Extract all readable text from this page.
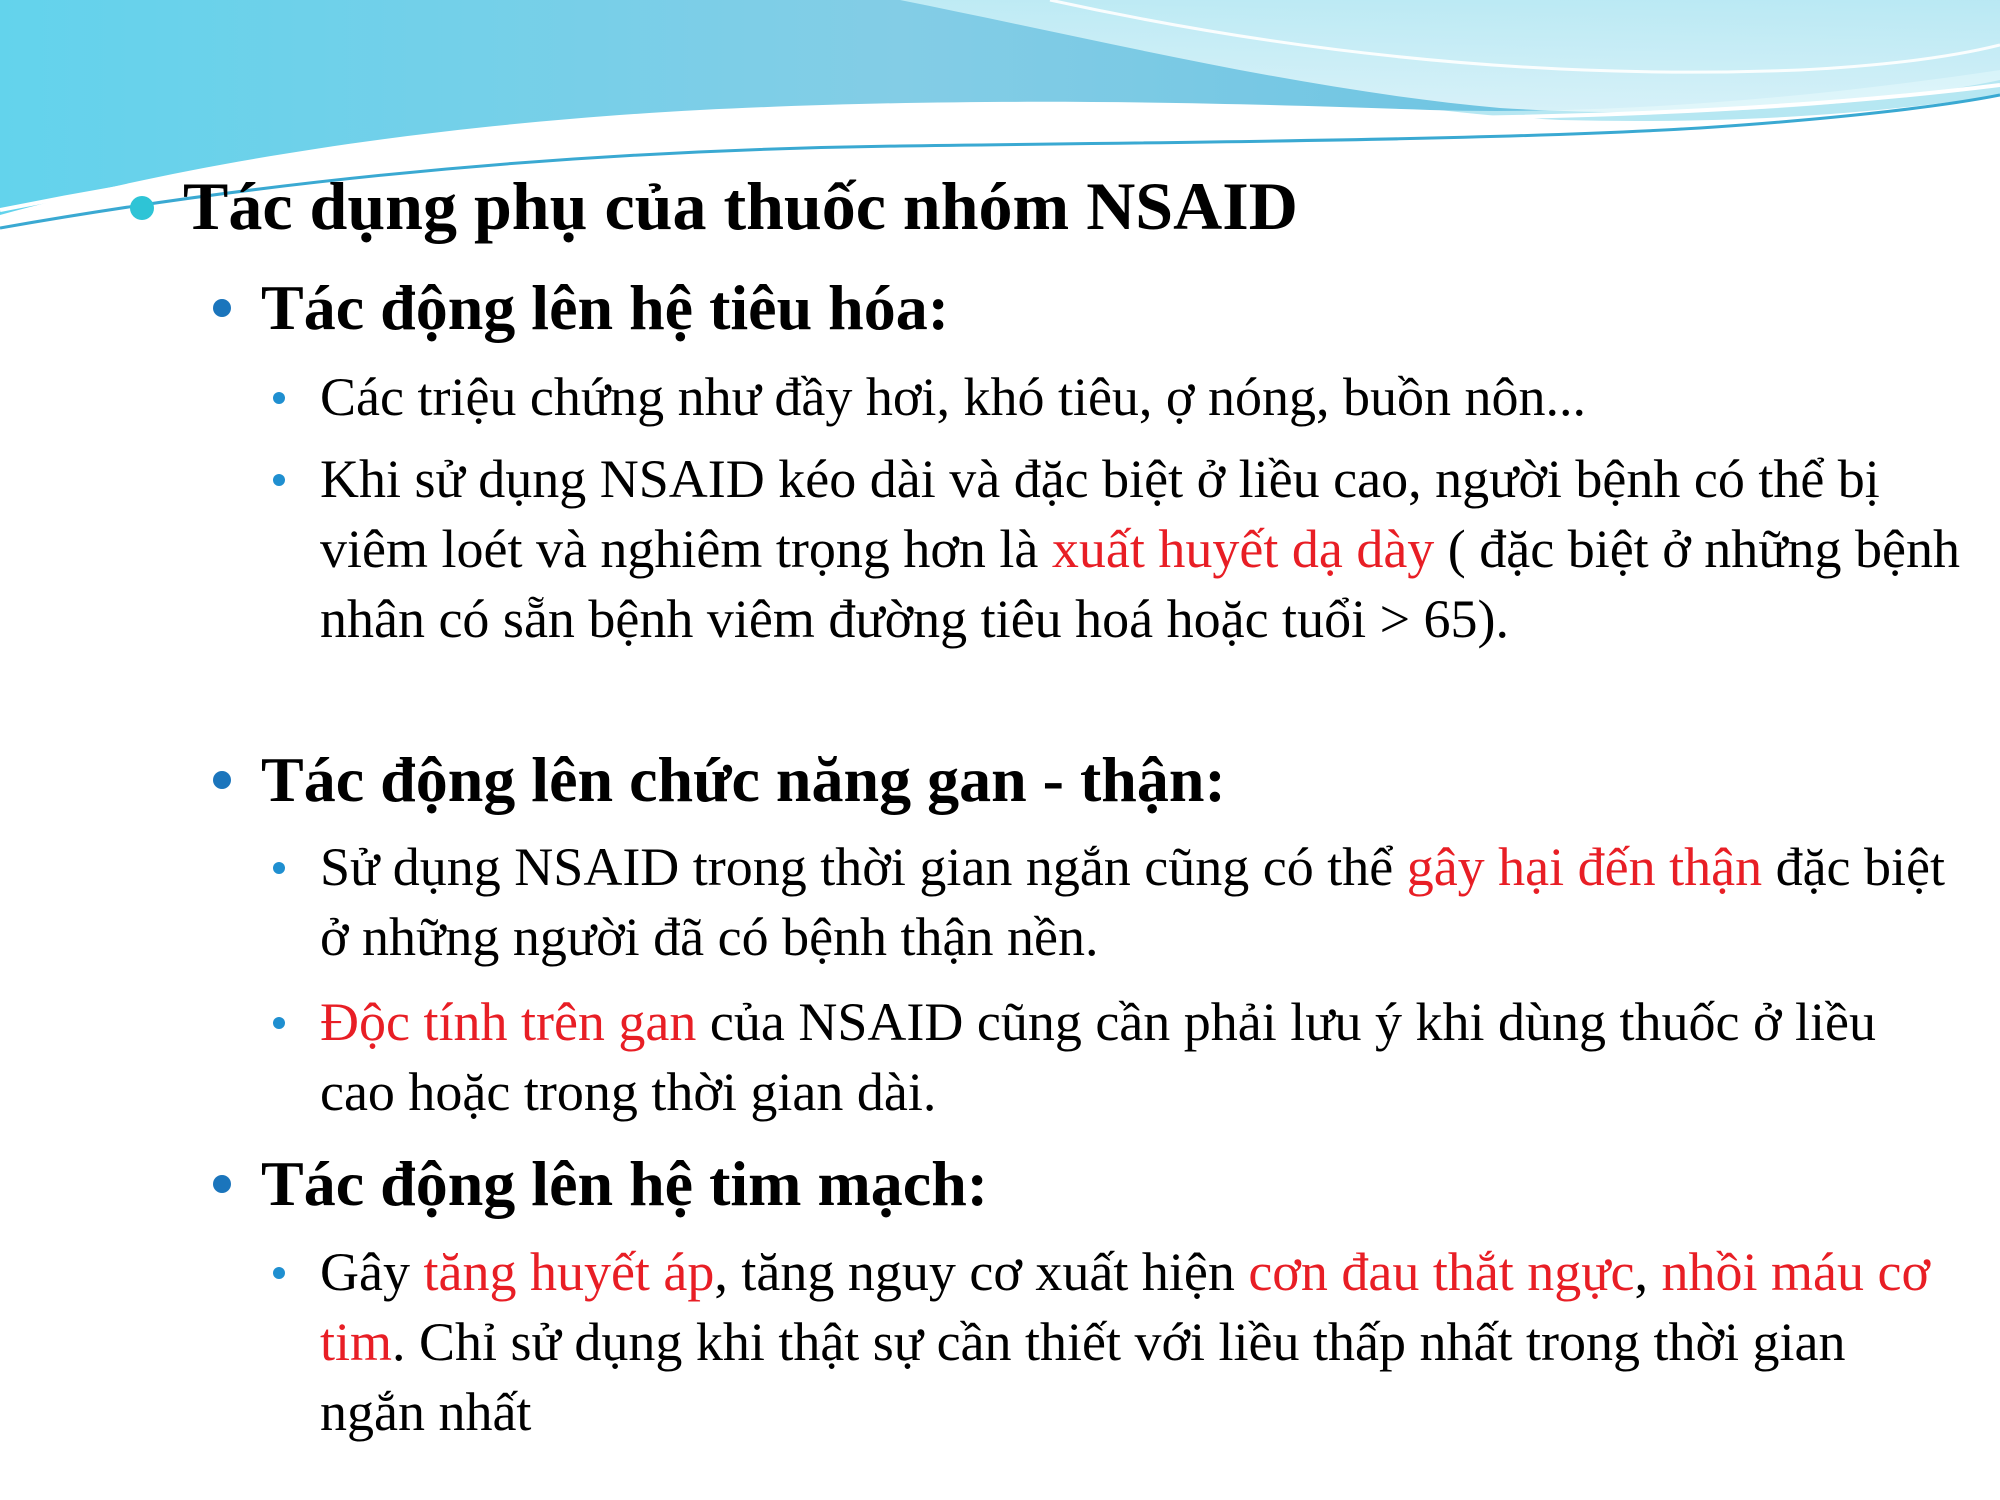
Tác dụng phụ của thuốc nhóm NSAID
Tác động lên hệ tiêu hóa:
Các triệu chứng như đầy hơi, khó tiêu, ợ nóng, buồn nôn...
Khi sử dụng NSAID kéo dài và đặc biệt ở liều cao, người bệnh có thể bị viêm loét và nghiêm trọng hơn là xuất huyết dạ dày ( đặc biệt ở những bệnh nhân có sẵn bệnh viêm đường tiêu hoá hoặc tuổi > 65).
Tác động lên chức năng gan - thận:
Sử dụng NSAID trong thời gian ngắn cũng có thể gây hại đến thận đặc biệt ở những người đã có bệnh thận nền.
Độc tính trên gan của NSAID cũng cần phải lưu ý khi dùng thuốc ở liều cao hoặc trong thời gian dài.
Tác động lên hệ tim mạch:
Gây tăng huyết áp, tăng nguy cơ xuất hiện cơn đau thắt ngực, nhồi máu cơ tim. Chỉ sử dụng khi thật sự cần thiết với liều thấp nhất trong thời gian ngắn nhất
